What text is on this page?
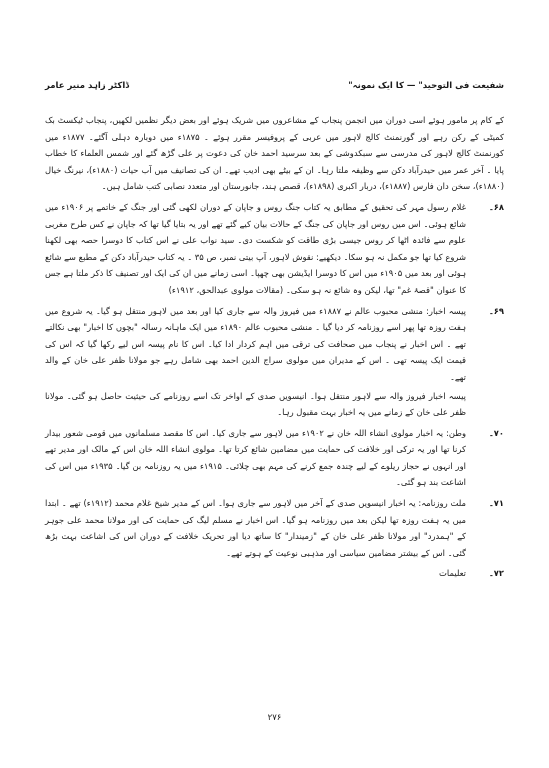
ڈاکٹر زاہد منیر عامر	"شفیعت فی التوحید" — کا ایک نمونہ

کے کام پر مامور ہوئے اسی دوران میں انجمن پنجاب کے مشاعروں میں شریک ہوئے اور بعض دیگر نظمیں لکھیں، پنجاب ٹیکسٹ بک کمیٹی کے رکن رہے اور گورنمنٹ کالج لاہور میں عربی کے پروفیسر مقرر ہوئے ۔ ۱۸۷۵ء میں دوبارہ دہلی آگئے۔ ۱۸۷۷ء میں کورنمنٹ کالج لاہور کی مدرسی سے سبکدوشی کے بعد سرسید احمد خان کی دعوت پر علی گڑھ گئے اور شمس العلماء کا خطاب پایا ۔ آخر عمر میں حیدرآباد دکن سے وظیفہ ملتا رہا۔ ان کے بیٹے بھی ادیب تھے۔ ان کی تصانیف میں آب حیات (۱۸۸۰ء)، نیرنگ خیال (۱۸۸۰ء)، سخن دان فارس (۱۸۸۷ء)، دربار اکبری (۱۸۹۸ء)، قصص ہند، جانورستان اور متعدد نصابی کتب شامل ہیں۔

۶۸۔
غلام رسول مہر کی تحقیق کے مطابق یہ کتاب جنگ روس و جاپان کے دوران لکھی گئی اور جنگ کے خاتمے پر ۱۹۰۶ء میں شائع ہوئی۔ اس میں روس اور جاپان کی جنگ کے حالات بیان کیے گئے تھے اور یہ بتایا گیا تھا کہ جاپان نے کس طرح مغربی علوم سے فائدہ اٹھا کر روس جیسی بڑی طاقت کو شکست دی۔ سید نواب علی نے اس کتاب کا دوسرا حصہ بھی لکھنا شروع کیا تھا جو مکمل نہ ہو سکا۔ دیکھیے: نقوش لاہور، آپ بیتی نمبر، ص ۳۵ ۔ یہ کتاب حیدرآباد دکن کے مطبع سے شائع ہوئی اور بعد میں ۱۹۰۵ء میں اس کا دوسرا ایڈیشن بھی چھپا۔ اسی زمانے میں ان کی ایک اور تصنیف کا ذکر ملتا ہے جس کا عنوان "قصۂ غم" تھا، لیکن وہ شائع نہ ہو سکی۔ (مقالات مولوی عبدالحق، ۱۹۱۲ء)
۶۹۔
پیسہ اخبار: منشی محبوب عالم نے ۱۸۸۷ء میں فیروز والہ سے جاری کیا اور بعد میں لاہور منتقل ہو گیا۔ یہ شروع میں ہفت روزہ تھا پھر اسے روزنامہ کر دیا گیا ۔ منشی محبوب عالم ۱۸۹۰ء میں ایک ماہانہ رسالہ "بچوں کا اخبار" بھی نکالتے تھے ۔ اس اخبار نے پنجاب میں صحافت کی ترقی میں اہم کردار ادا کیا۔ اس کا نام پیسہ اس لیے رکھا گیا کہ اس کی قیمت ایک پیسہ تھی ۔ اس کے مدیران میں مولوی سراج الدین احمد بھی شامل رہے جو مولانا ظفر علی خان کے والد تھے۔
پیسہ اخبار فیروز والہ سے لاہور منتقل ہوا۔ انیسویں صدی کے اواخر تک اسے روزنامے کی حیثیت حاصل ہو گئی۔ مولانا ظفر علی خان کے زمانے میں یہ اخبار بہت مقبول رہا۔
۷۰۔
وطن: یہ اخبار مولوی انشاء اللہ خان نے ۱۹۰۲ء میں لاہور سے جاری کیا۔ اس کا مقصد مسلمانوں میں قومی شعور بیدار کرنا تھا اور یہ ترکی اور خلافت کی حمایت میں مضامین شائع کرتا تھا۔ مولوی انشاء اللہ خان اس کے مالک اور مدیر تھے اور انہوں نے حجاز ریلوے کے لیے چندہ جمع کرنے کی مہم بھی چلائی۔ ۱۹۱۵ء میں یہ روزنامہ بن گیا۔ ۱۹۳۵ء میں اس کی اشاعت بند ہو گئی۔
۷۱۔
ملت روزنامہ: یہ اخبار انیسویں صدی کے آخر میں لاہور سے جاری ہوا۔ اس کے مدیر شیخ غلام محمد (۱۹۱۲ء) تھے ۔ ابتدا میں یہ ہفت روزہ تھا لیکن بعد میں روزنامہ ہو گیا۔ اس اخبار نے مسلم لیگ کی حمایت کی اور مولانا محمد علی جوہر کے "ہمدرد" اور مولانا ظفر علی خان کے "زمیندار" کا ساتھ دیا اور تحریک خلافت کے دوران اس کی اشاعت بہت بڑھ گئی۔ اس کے بیشتر مضامین سیاسی اور مذہبی نوعیت کے ہوتے تھے۔
۷۲۔
تعلیمات
۲۷۶
